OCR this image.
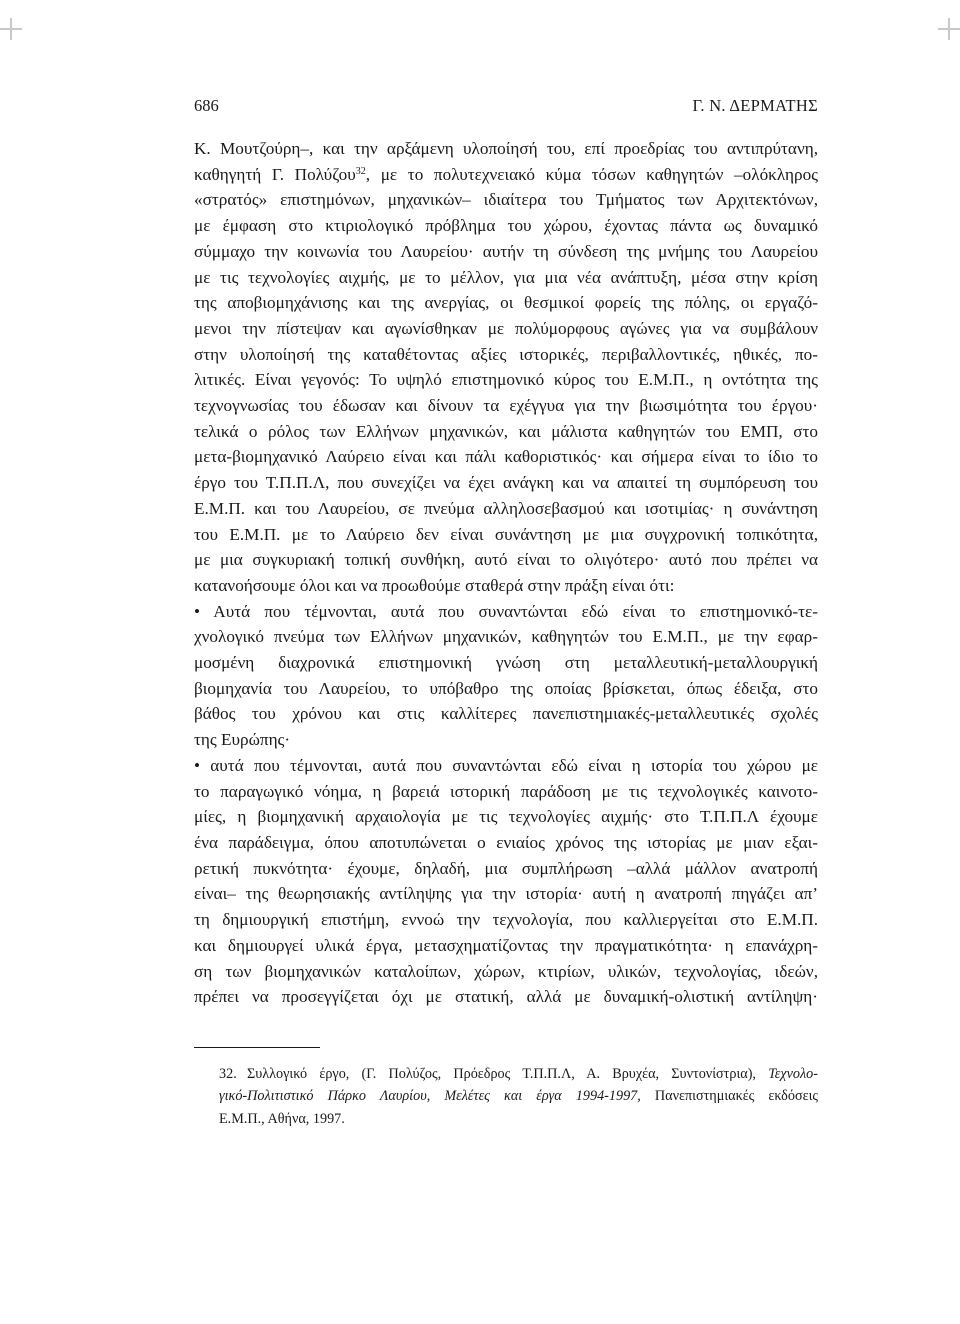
686	Γ. Ν. ΔΕΡΜΑΤΗΣ

Κ. Μουτζούρη–, και την αρξάμενη υλοποίησή του, επί προεδρίας του αντιπρύτανη,

καθηγητή Γ. Πολύζου$^{32}$, με το πολυτεχνειακό κύμα τόσων καθηγητών –ολόκληρος

«στρατός» επιστημόνων, μηχανικών– ιδιαίτερα του Τμήματος των Αρχιτεκτόνων,

με έμφαση στο κτιριολογικό πρόβλημα του χώρου, έχοντας πάντα ως δυναμικό

σύμμαχο την κοινωνία του Λαυρείου· αυτήν τη σύνδεση της μνήμης του Λαυρείου

με τις τεχνολογίες αιχμής, με το μέλλον, για μια νέα ανάπτυξη, μέσα στην κρίση

της αποβιομηχάνισης και της ανεργίας, οι θεσμικοί φορείς της πόλης, οι εργαζό-

μενοι την πίστεψαν και αγωνίσθηκαν με πολύμορφους αγώνες για να συμβάλουν

στην υλοποίησή της καταθέτοντας αξίες ιστορικές, περιβαλλοντικές, ηθικές, πο-

λιτικές. Είναι γεγονός: Το υψηλό επιστημονικό κύρος του Ε.Μ.Π., η οντότητα της

τεχνογνωσίας του έδωσαν και δίνουν τα εχέγγυα για την βιωσιμότητα του έργου·

τελικά ο ρόλος των Ελλήνων μηχανικών, και μάλιστα καθηγητών του ΕΜΠ, στο

μετα-βιομηχανικό Λαύρειο είναι και πάλι καθοριστικός· και σήμερα είναι το ίδιο το

έργο του Τ.Π.Π.Λ, που συνεχίζει να έχει ανάγκη και να απαιτεί τη συμπόρευση του

Ε.Μ.Π. και του Λαυρείου, σε πνεύμα αλληλοσεβασμού και ισοτιμίας· η συνάντηση

του Ε.Μ.Π. με το Λαύρειο δεν είναι συνάντηση με μια συγχρονική τοπικότητα,

με μια συγκυριακή τοπική συνθήκη, αυτό είναι το ολιγότερο· αυτό που πρέπει να

κατανοήσουμε όλοι και να προωθούμε σταθερά στην πράξη είναι ότι:

• Αυτά που τέμνονται, αυτά που συναντώνται εδώ είναι το επιστημονικό-τε-

χνολογικό πνεύμα των Ελλήνων μηχανικών, καθηγητών του Ε.Μ.Π., με την εφαρ-

μοσμένη διαχρονικά επιστημονική γνώση στη μεταλλευτική-μεταλλουργική

βιομηχανία του Λαυρείου, το υπόβαθρο της οποίας βρίσκεται, όπως έδειξα, στο

βάθος του χρόνου και στις καλλίτερες πανεπιστημιακές-μεταλλευτικές σχολές

της Ευρώπης·

• αυτά που τέμνονται, αυτά που συναντώνται εδώ είναι η ιστορία του χώρου με

το παραγωγικό νόημα, η βαρειά ιστορική παράδοση με τις τεχνολογικές καινοτο-

μίες, η βιομηχανική αρχαιολογία με τις τεχνολογίες αιχμής· στο Τ.Π.Π.Λ έχουμε

ένα παράδειγμα, όπου αποτυπώνεται ο ενιαίος χρόνος της ιστορίας με μιαν εξαι-

ρετική πυκνότητα· έχουμε, δηλαδή, μια συμπλήρωση –αλλά μάλλον ανατροπή

είναι– της θεωρησιακής αντίληψης για την ιστορία· αυτή η ανατροπή πηγάζει απ’

τη δημιουργική επιστήμη, εννοώ την τεχνολογία, που καλλιεργείται στο Ε.Μ.Π.

και δημιουργεί υλικά έργα, μετασχηματίζοντας την πραγματικότητα· η επανάχρη-

ση των βιομηχανικών καταλοίπων, χώρων, κτιρίων, υλικών, τεχνολογίας, ιδεών,

πρέπει να προσεγγίζεται όχι με στατική, αλλά με δυναμική-ολιστική αντίληψη·

32. Συλλογικό έργο, (Γ. Πολύζος, Πρόεδρος Τ.Π.Π.Λ, Α. Βρυχέα, Συντονίστρια), Τεχνολο-

γικό-Πολιτιστικό Πάρκο Λαυρίου, Μελέτες και έργα 1994-1997, Πανεπιστημιακές εκδόσεις

Ε.Μ.Π., Αθήνα, 1997.
